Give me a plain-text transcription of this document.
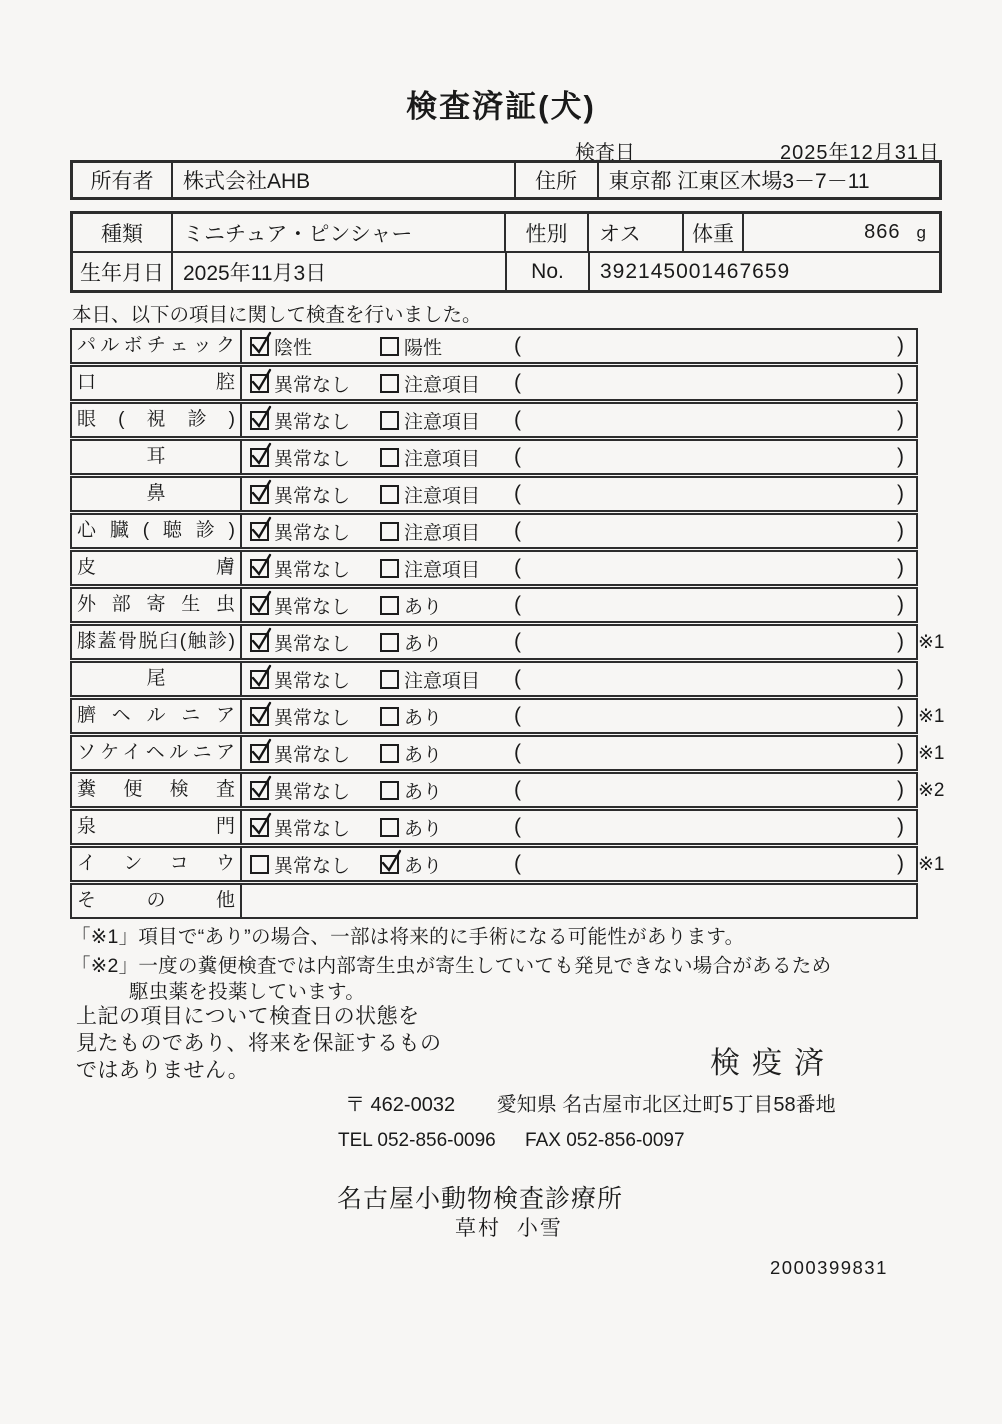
検査済証(犬)
検査日	2025年12月31日
所有者	株式会社AHB	住所	東京都 江東区木場3－7－11
種類	ミニチュア・ピンシャー	性別	オス	体重	866 g
生年月日 2025年11月3日	No.	392145001467659
本日、以下の項目に関して検査を行いました。
パルボチェック	陰性	陽性	(	)
口腔	異常なし	注意項目 (	)
眼(視診)	異常なし	注意項目 (	)
耳	異常なし	注意項目 (	)
鼻	異常なし	注意項目 (	)
心臓(聴診)	異常なし	注意項目 (	)
皮膚	異常なし	注意項目 (	)
外部寄生虫	異常なし	あり	(	)
膝蓋骨脱臼(触診)	異常なし	あり	(	) ※1
尾	異常なし	注意項目 (	)
臍ヘルニア	異常なし	あり	(	) ※1
ソケイヘルニア	異常なし	あり	(	) ※1
糞便検査	異常なし	あり	(	) ※2
泉門	異常なし	あり	(	)
インコウ	異常なし	あり	(	) ※1
その他
「※1」項目で“あり”の場合、一部は将来的に手術になる可能性があります。
「※2」一度の糞便検査では内部寄生虫が寄生していても発見できない場合があるため
駆虫薬を投薬しています。
上記の項目について検査日の状態を
見たものであり、将来を保証するもの
ではありません。	検疫済
〒 462-0032 愛知県 名古屋市北区辻町5丁目58番地
TEL 052-856-0096 FAX 052-856-0097
名古屋小動物検査診療所
草村 小雪
2000399831
